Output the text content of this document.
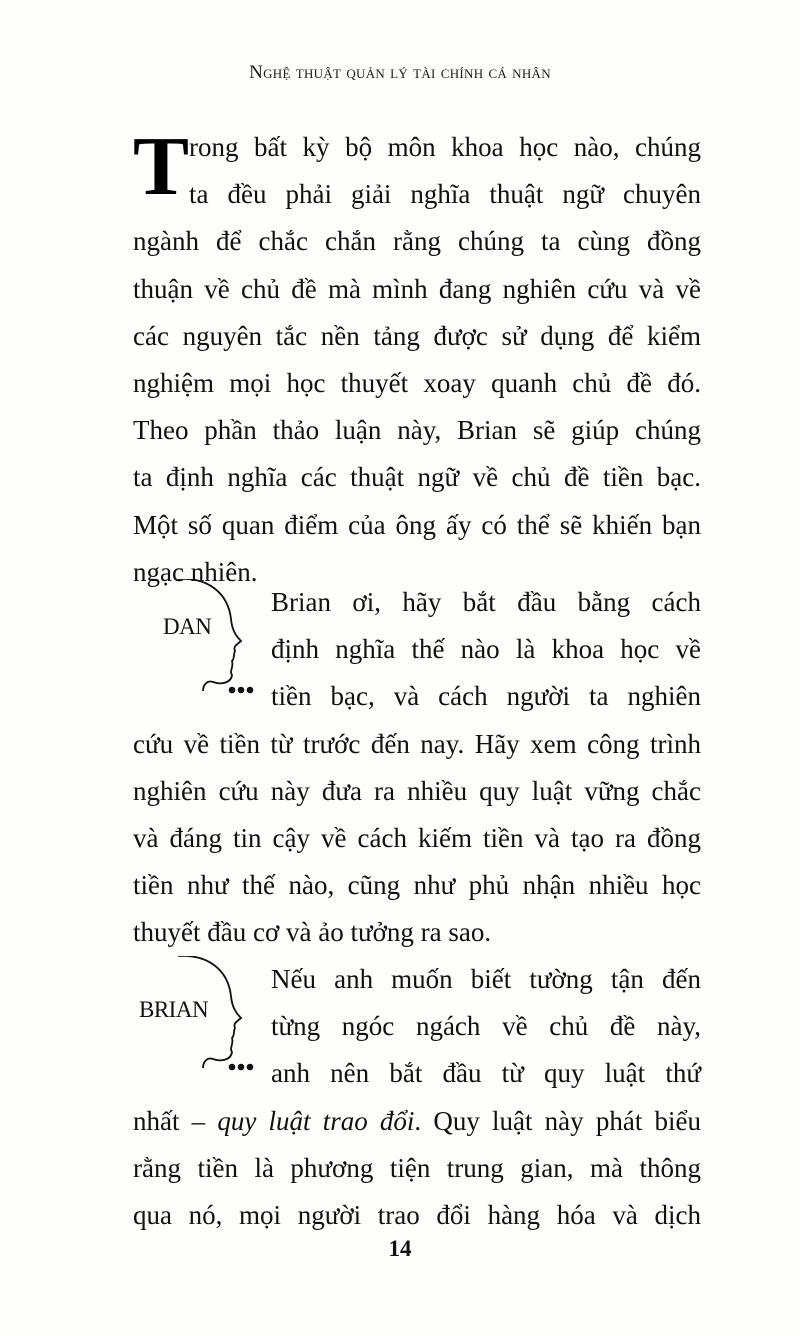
Nghệ thuật quản lý tài chính cá nhân
T rong bất kỳ bộ môn khoa học nào, chúng
ta đều phải giải nghĩa thuật ngữ chuyên
ngành để chắc chắn rằng chúng ta cùng đồng
thuận về chủ đề mà mình đang nghiên cứu và về
các nguyên tắc nền tảng được sử dụng để kiểm
nghiệm mọi học thuyết xoay quanh chủ đề đó.
Theo phần thảo luận này, Brian sẽ giúp chúng
ta định nghĩa các thuật ngữ về chủ đề tiền bạc.
Một số quan điểm của ông ấy có thể sẽ khiến bạn
ngạc nhiên.
DAN
Brian ơi, hãy bắt đầu bằng cách
định nghĩa thế nào là khoa học về
tiền bạc, và cách người ta nghiên
cứu về tiền từ trước đến nay. Hãy xem công trình
nghiên cứu này đưa ra nhiều quy luật vững chắc
và đáng tin cậy về cách kiếm tiền và tạo ra đồng
tiền như thế nào, cũng như phủ nhận nhiều học
thuyết đầu cơ và ảo tưởng ra sao.
BRIAN
Nếu anh muốn biết tường tận đến
từng ngóc ngách về chủ đề này,
anh nên bắt đầu từ quy luật thứ
nhất – quy luật trao đổi. Quy luật này phát biểu
rằng tiền là phương tiện trung gian, mà thông
qua nó, mọi người trao đổi hàng hóa và dịch
14
